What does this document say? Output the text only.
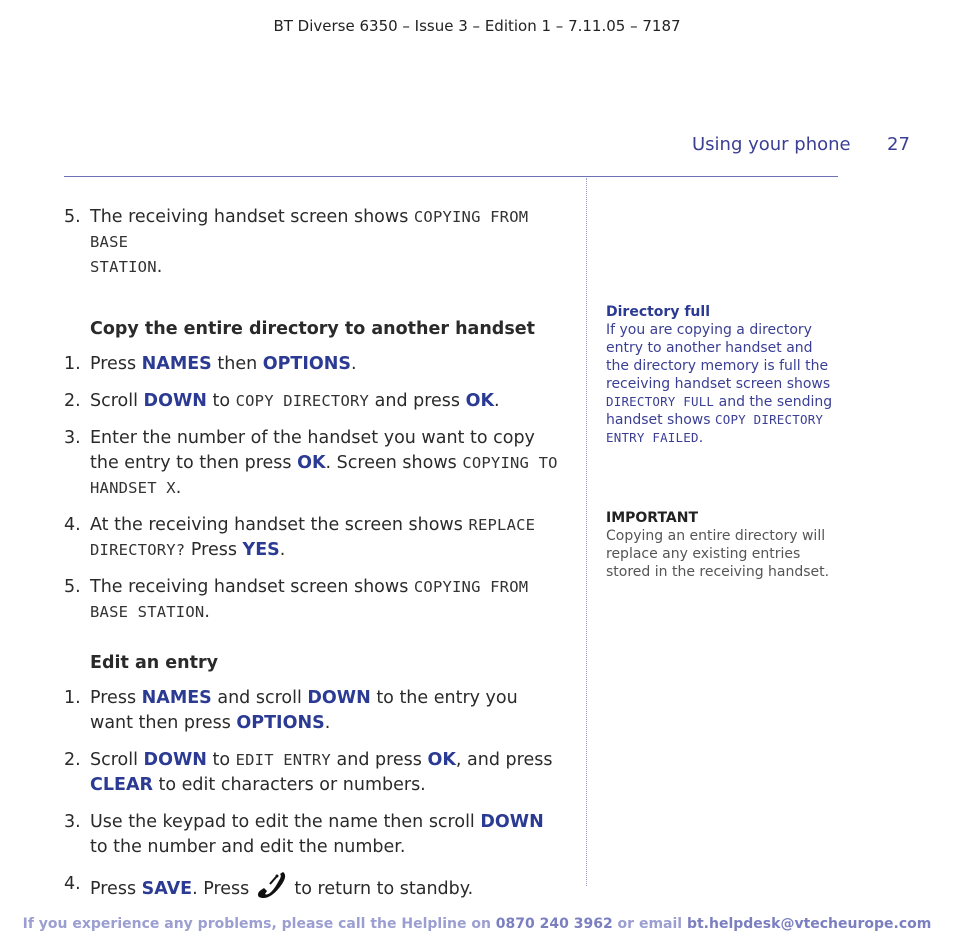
BT Diverse 6350 – Issue 3 – Edition 1 – 7.11.05 – 7187
Using your phone 27
5. The receiving handset screen shows COPYING FROM BASE
STATION.
Copy the entire directory to another handset
1. Press NAMES then OPTIONS.
2. Scroll DOWN to COPY DIRECTORY and press OK.
3. Enter the number of the handset you want to copy the entry to then press OK. Screen shows COPYING TO
HANDSET X.
4. At the receiving handset the screen shows REPLACE
DIRECTORY? Press YES.
5. The receiving handset screen shows COPYING FROM
BASE STATION.
Edit an entry
1. Press NAMES and scroll DOWN to the entry you want then press OPTIONS.
2. Scroll DOWN to EDIT ENTRY and press OK, and press CLEAR to edit characters or numbers.
3. Use the keypad to edit the name then scroll DOWN to the number and edit the number.
4. Press SAVE. Press  to return to standby.
Directory full
If you are copying a directory entry to another handset and the directory memory is full the receiving handset screen shows DIRECTORY FULL and the sending handset shows COPY DIRECTORY ENTRY FAILED.
IMPORTANT
Copying an entire directory will replace any existing entries stored in the receiving handset.
If you experience any problems, please call the Helpline on 0870 240 3962 or email bt.helpdesk@vtecheurope.com
